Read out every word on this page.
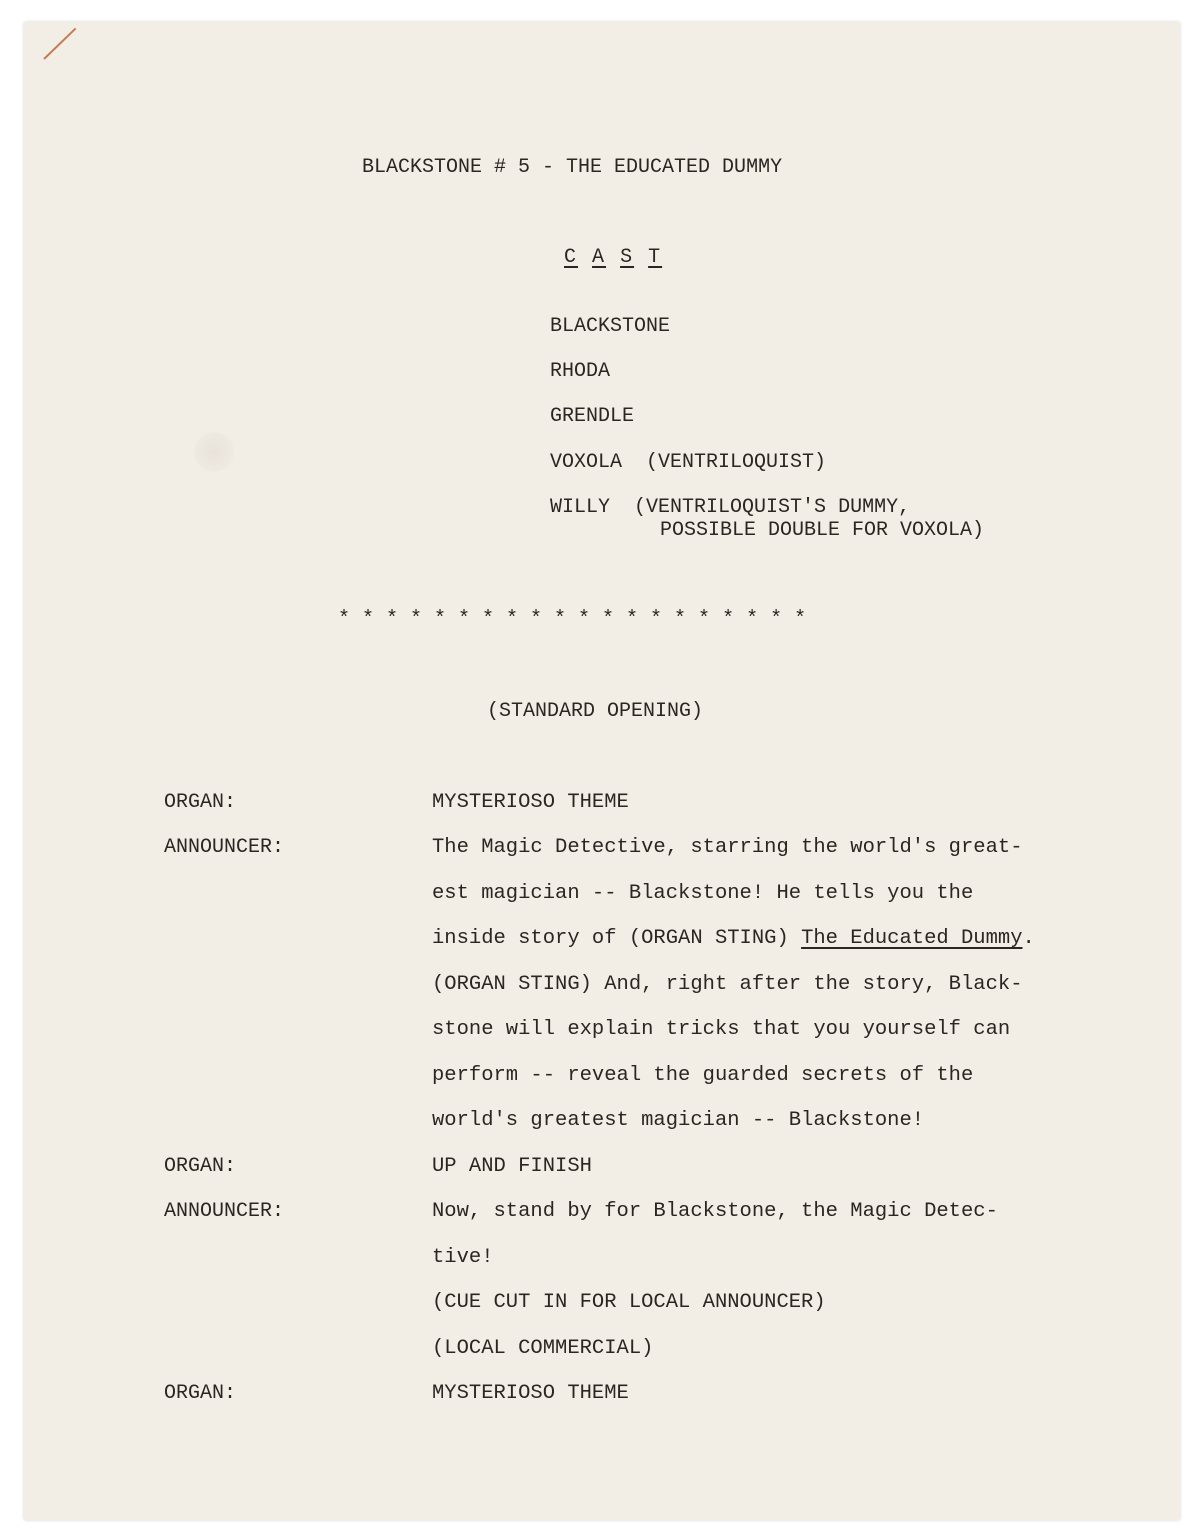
BLACKSTONE # 5 - THE EDUCATED DUMMY
C A S T
BLACKSTONE
RHODA
GRENDLE
VOXOLA (VENTRILOQUIST)
WILLY (VENTRILOQUIST'S DUMMY,
POSSIBLE DOUBLE FOR VOXOLA)
* * * * * * * * * * * * * * * * * * * *
(STANDARD OPENING)
ORGAN:	MYSTERIOSO THEME
ANNOUNCER:	The Magic Detective, starring the world's great-
est magician -- Blackstone! He tells you the
inside story of (ORGAN STING) The Educated Dummy.
(ORGAN STING) And, right after the story, Black-
stone will explain tricks that you yourself can
perform -- reveal the guarded secrets of the
world's greatest magician -- Blackstone!
ORGAN:	UP AND FINISH
ANNOUNCER:	Now, stand by for Blackstone, the Magic Detec-
tive!
(CUE CUT IN FOR LOCAL ANNOUNCER)
(LOCAL COMMERCIAL)
ORGAN:	MYSTERIOSO THEME
